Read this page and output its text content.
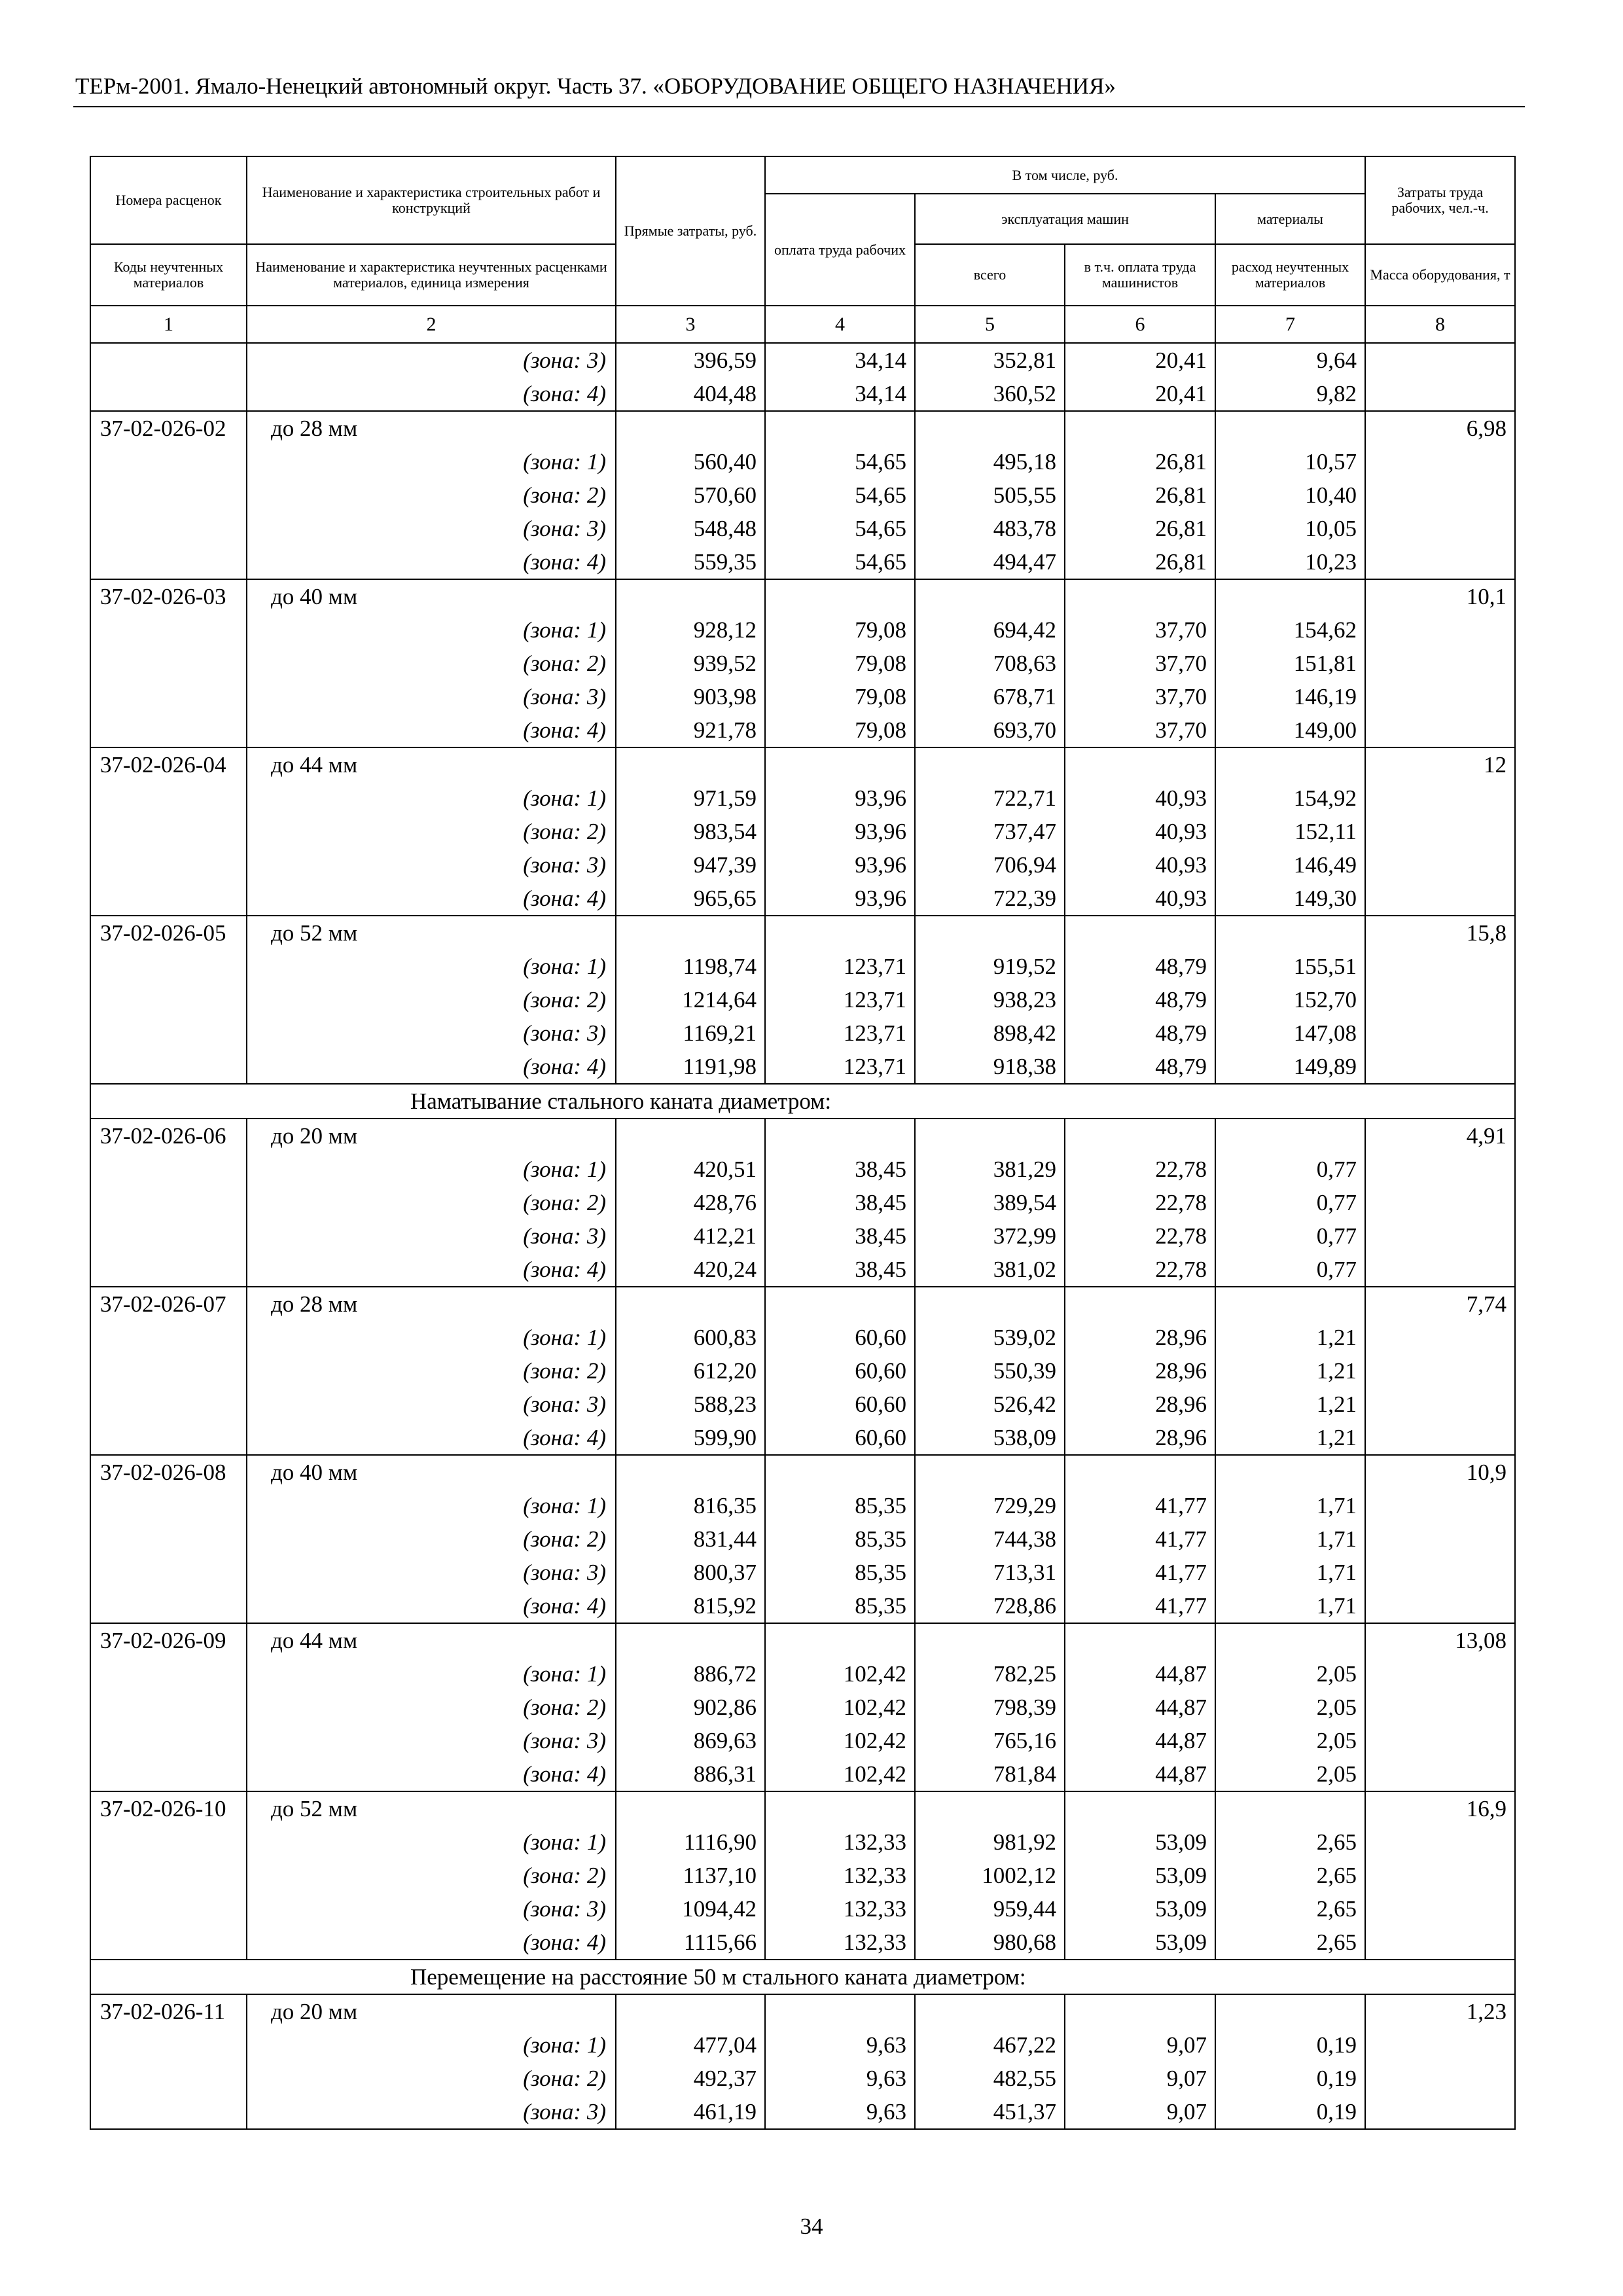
ТЕРм-2001. Ямало-Ненецкий автономный округ. Часть 37. «ОБОРУДОВАНИЕ ОБЩЕГО НАЗНАЧЕНИЯ»
Номера расценок	Наименование и характеристика строительных работ и конструкций	Прямые затраты, руб.	В том числе, руб.				Затраты труда рабочих, чел.-ч.
			оплата труда рабочих	эксплуатация машин		материалы	
Коды неучтенных материалов	Наименование и характеристика неучтенных расценками материалов, единица измерения			всего	в т.ч. оплата труда машинистов	расход неучтенных материалов	Масса оборудования, т
1	2	3	4	5	6	7	8
	(зона: 3)	396,59	34,14	352,81	20,41	9,64	
	(зона: 4)	404,48	34,14	360,52	20,41	9,82	
37-02-026-02	до 28 мм						6,98
	(зона: 1)	560,40	54,65	495,18	26,81	10,57	
	(зона: 2)	570,60	54,65	505,55	26,81	10,40	
	(зона: 3)	548,48	54,65	483,78	26,81	10,05	
	(зона: 4)	559,35	54,65	494,47	26,81	10,23	
37-02-026-03	до 40 мм						10,1
	(зона: 1)	928,12	79,08	694,42	37,70	154,62	
	(зона: 2)	939,52	79,08	708,63	37,70	151,81	
	(зона: 3)	903,98	79,08	678,71	37,70	146,19	
	(зона: 4)	921,78	79,08	693,70	37,70	149,00	
37-02-026-04	до 44 мм						12
	(зона: 1)	971,59	93,96	722,71	40,93	154,92	
	(зона: 2)	983,54	93,96	737,47	40,93	152,11	
	(зона: 3)	947,39	93,96	706,94	40,93	146,49	
	(зона: 4)	965,65	93,96	722,39	40,93	149,30	
37-02-026-05	до 52 мм						15,8
	(зона: 1)	1198,74	123,71	919,52	48,79	155,51	
	(зона: 2)	1214,64	123,71	938,23	48,79	152,70	
	(зона: 3)	1169,21	123,71	898,42	48,79	147,08	
	(зона: 4)	1191,98	123,71	918,38	48,79	149,89	
	Наматывание стального каната диаметром:						
37-02-026-06	до 20 мм						4,91
	(зона: 1)	420,51	38,45	381,29	22,78	0,77	
	(зона: 2)	428,76	38,45	389,54	22,78	0,77	
	(зона: 3)	412,21	38,45	372,99	22,78	0,77	
	(зона: 4)	420,24	38,45	381,02	22,78	0,77	
37-02-026-07	до 28 мм						7,74
	(зона: 1)	600,83	60,60	539,02	28,96	1,21	
	(зона: 2)	612,20	60,60	550,39	28,96	1,21	
	(зона: 3)	588,23	60,60	526,42	28,96	1,21	
	(зона: 4)	599,90	60,60	538,09	28,96	1,21	
37-02-026-08	до 40 мм						10,9
	(зона: 1)	816,35	85,35	729,29	41,77	1,71	
	(зона: 2)	831,44	85,35	744,38	41,77	1,71	
	(зона: 3)	800,37	85,35	713,31	41,77	1,71	
	(зона: 4)	815,92	85,35	728,86	41,77	1,71	
37-02-026-09	до 44 мм						13,08
	(зона: 1)	886,72	102,42	782,25	44,87	2,05	
	(зона: 2)	902,86	102,42	798,39	44,87	2,05	
	(зона: 3)	869,63	102,42	765,16	44,87	2,05	
	(зона: 4)	886,31	102,42	781,84	44,87	2,05	
37-02-026-10	до 52 мм						16,9
	(зона: 1)	1116,90	132,33	981,92	53,09	2,65	
	(зона: 2)	1137,10	132,33	1002,12	53,09	2,65	
	(зона: 3)	1094,42	132,33	959,44	53,09	2,65	
	(зона: 4)	1115,66	132,33	980,68	53,09	2,65	
	Перемещение на расстояние 50 м стального каната диаметром:						
37-02-026-11	до 20 мм						1,23
	(зона: 1)	477,04	9,63	467,22	9,07	0,19	
	(зона: 2)	492,37	9,63	482,55	9,07	0,19	
	(зона: 3)	461,19	9,63	451,37	9,07	0,19	
34
